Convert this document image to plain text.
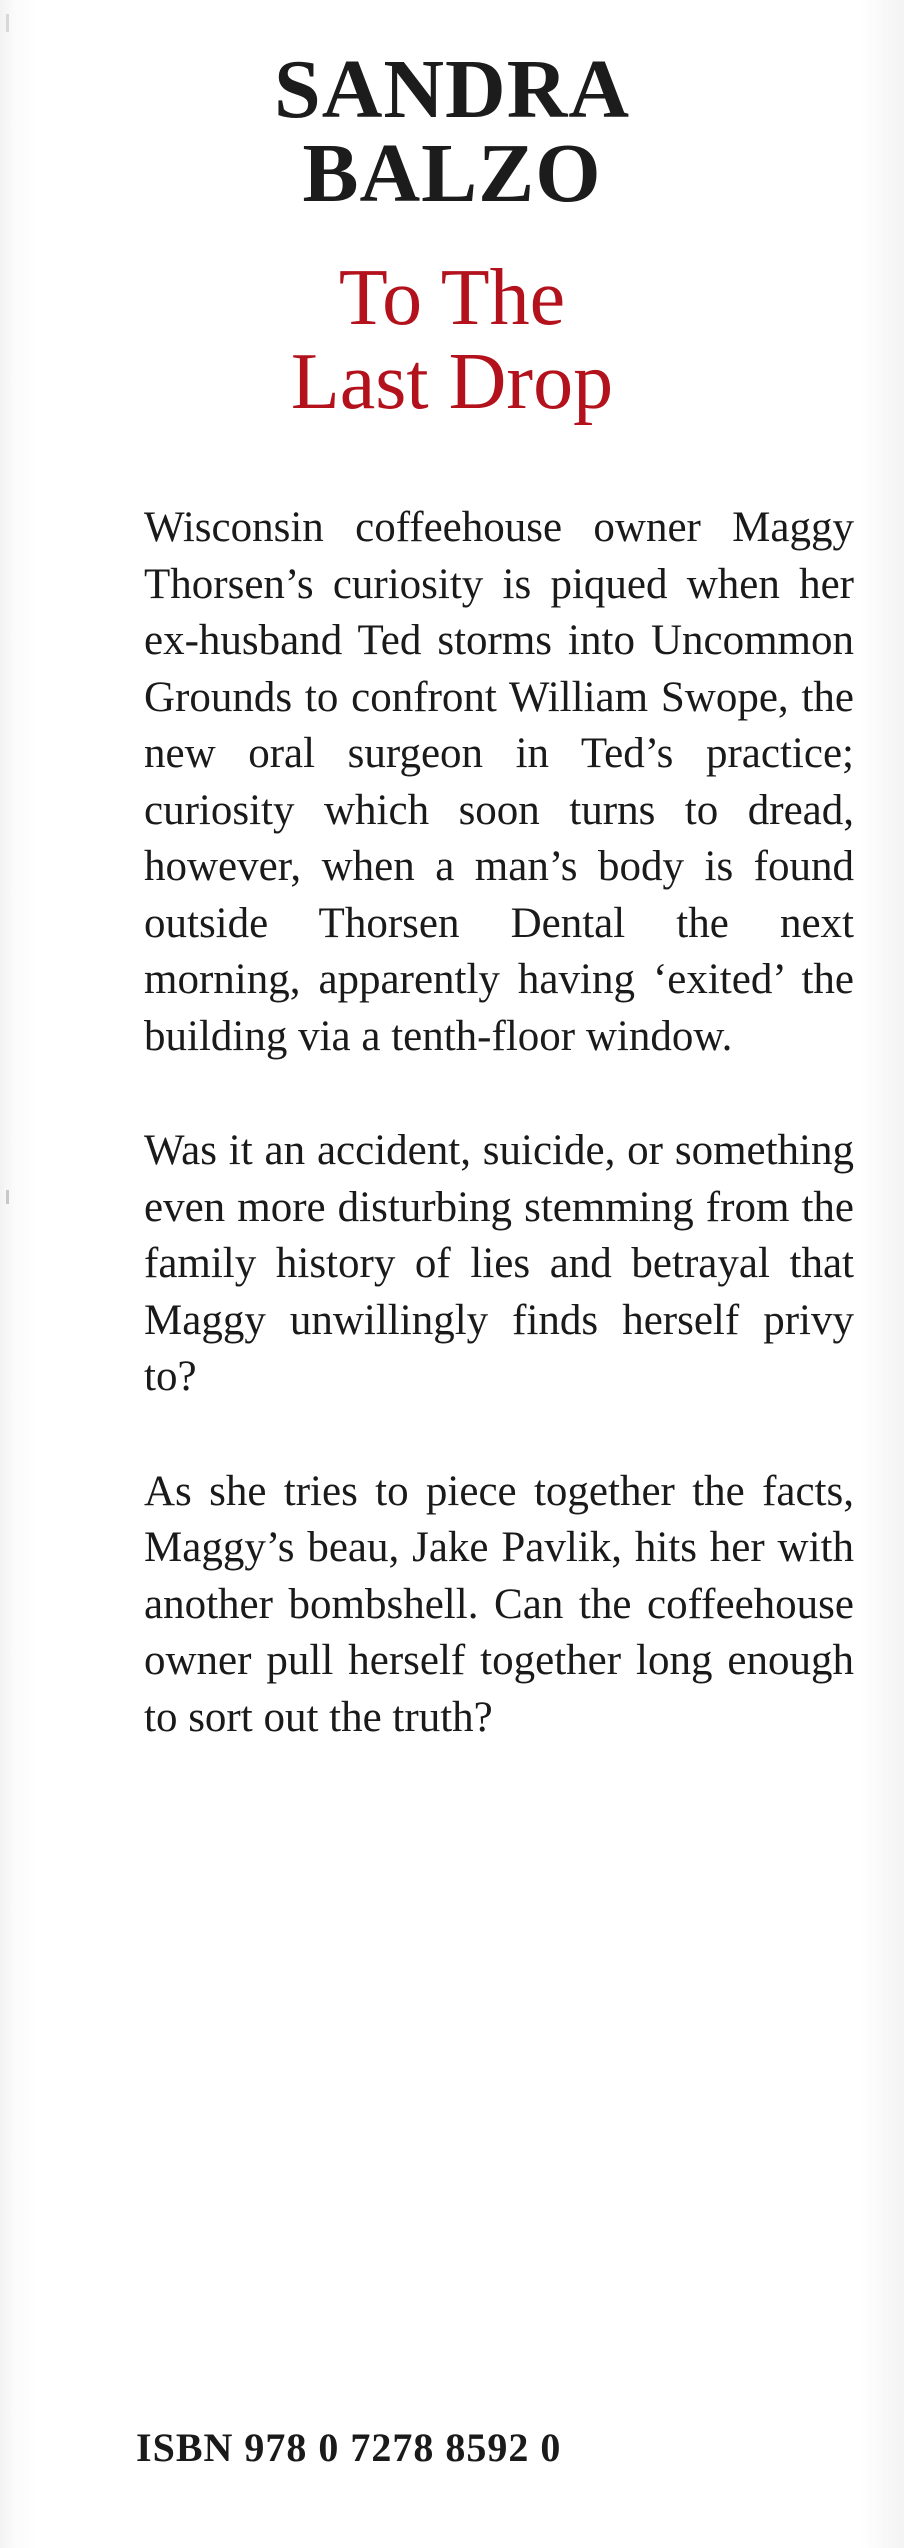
SANDRA
BALZO
To The
Last Drop

Wisconsin coffeehouse owner Maggy Thorsen’s curiosity is piqued when her ex-husband Ted storms into Uncommon Grounds to confront William Swope, the new oral surgeon in Ted’s practice; curiosity which soon turns to dread, however, when a man’s body is found outside Thorsen Dental the next morning, apparently having ‘exited’ the building via a tenth-floor window.

Was it an accident, suicide, or something even more disturbing stemming from the family history of lies and betrayal that Maggy unwillingly finds herself privy to?

As she tries to piece together the facts, Maggy’s beau, Jake Pavlik, hits her with another bombshell. Can the coffeehouse owner pull herself together long enough to sort out the truth?

ISBN 978 0 7278 8592 0
